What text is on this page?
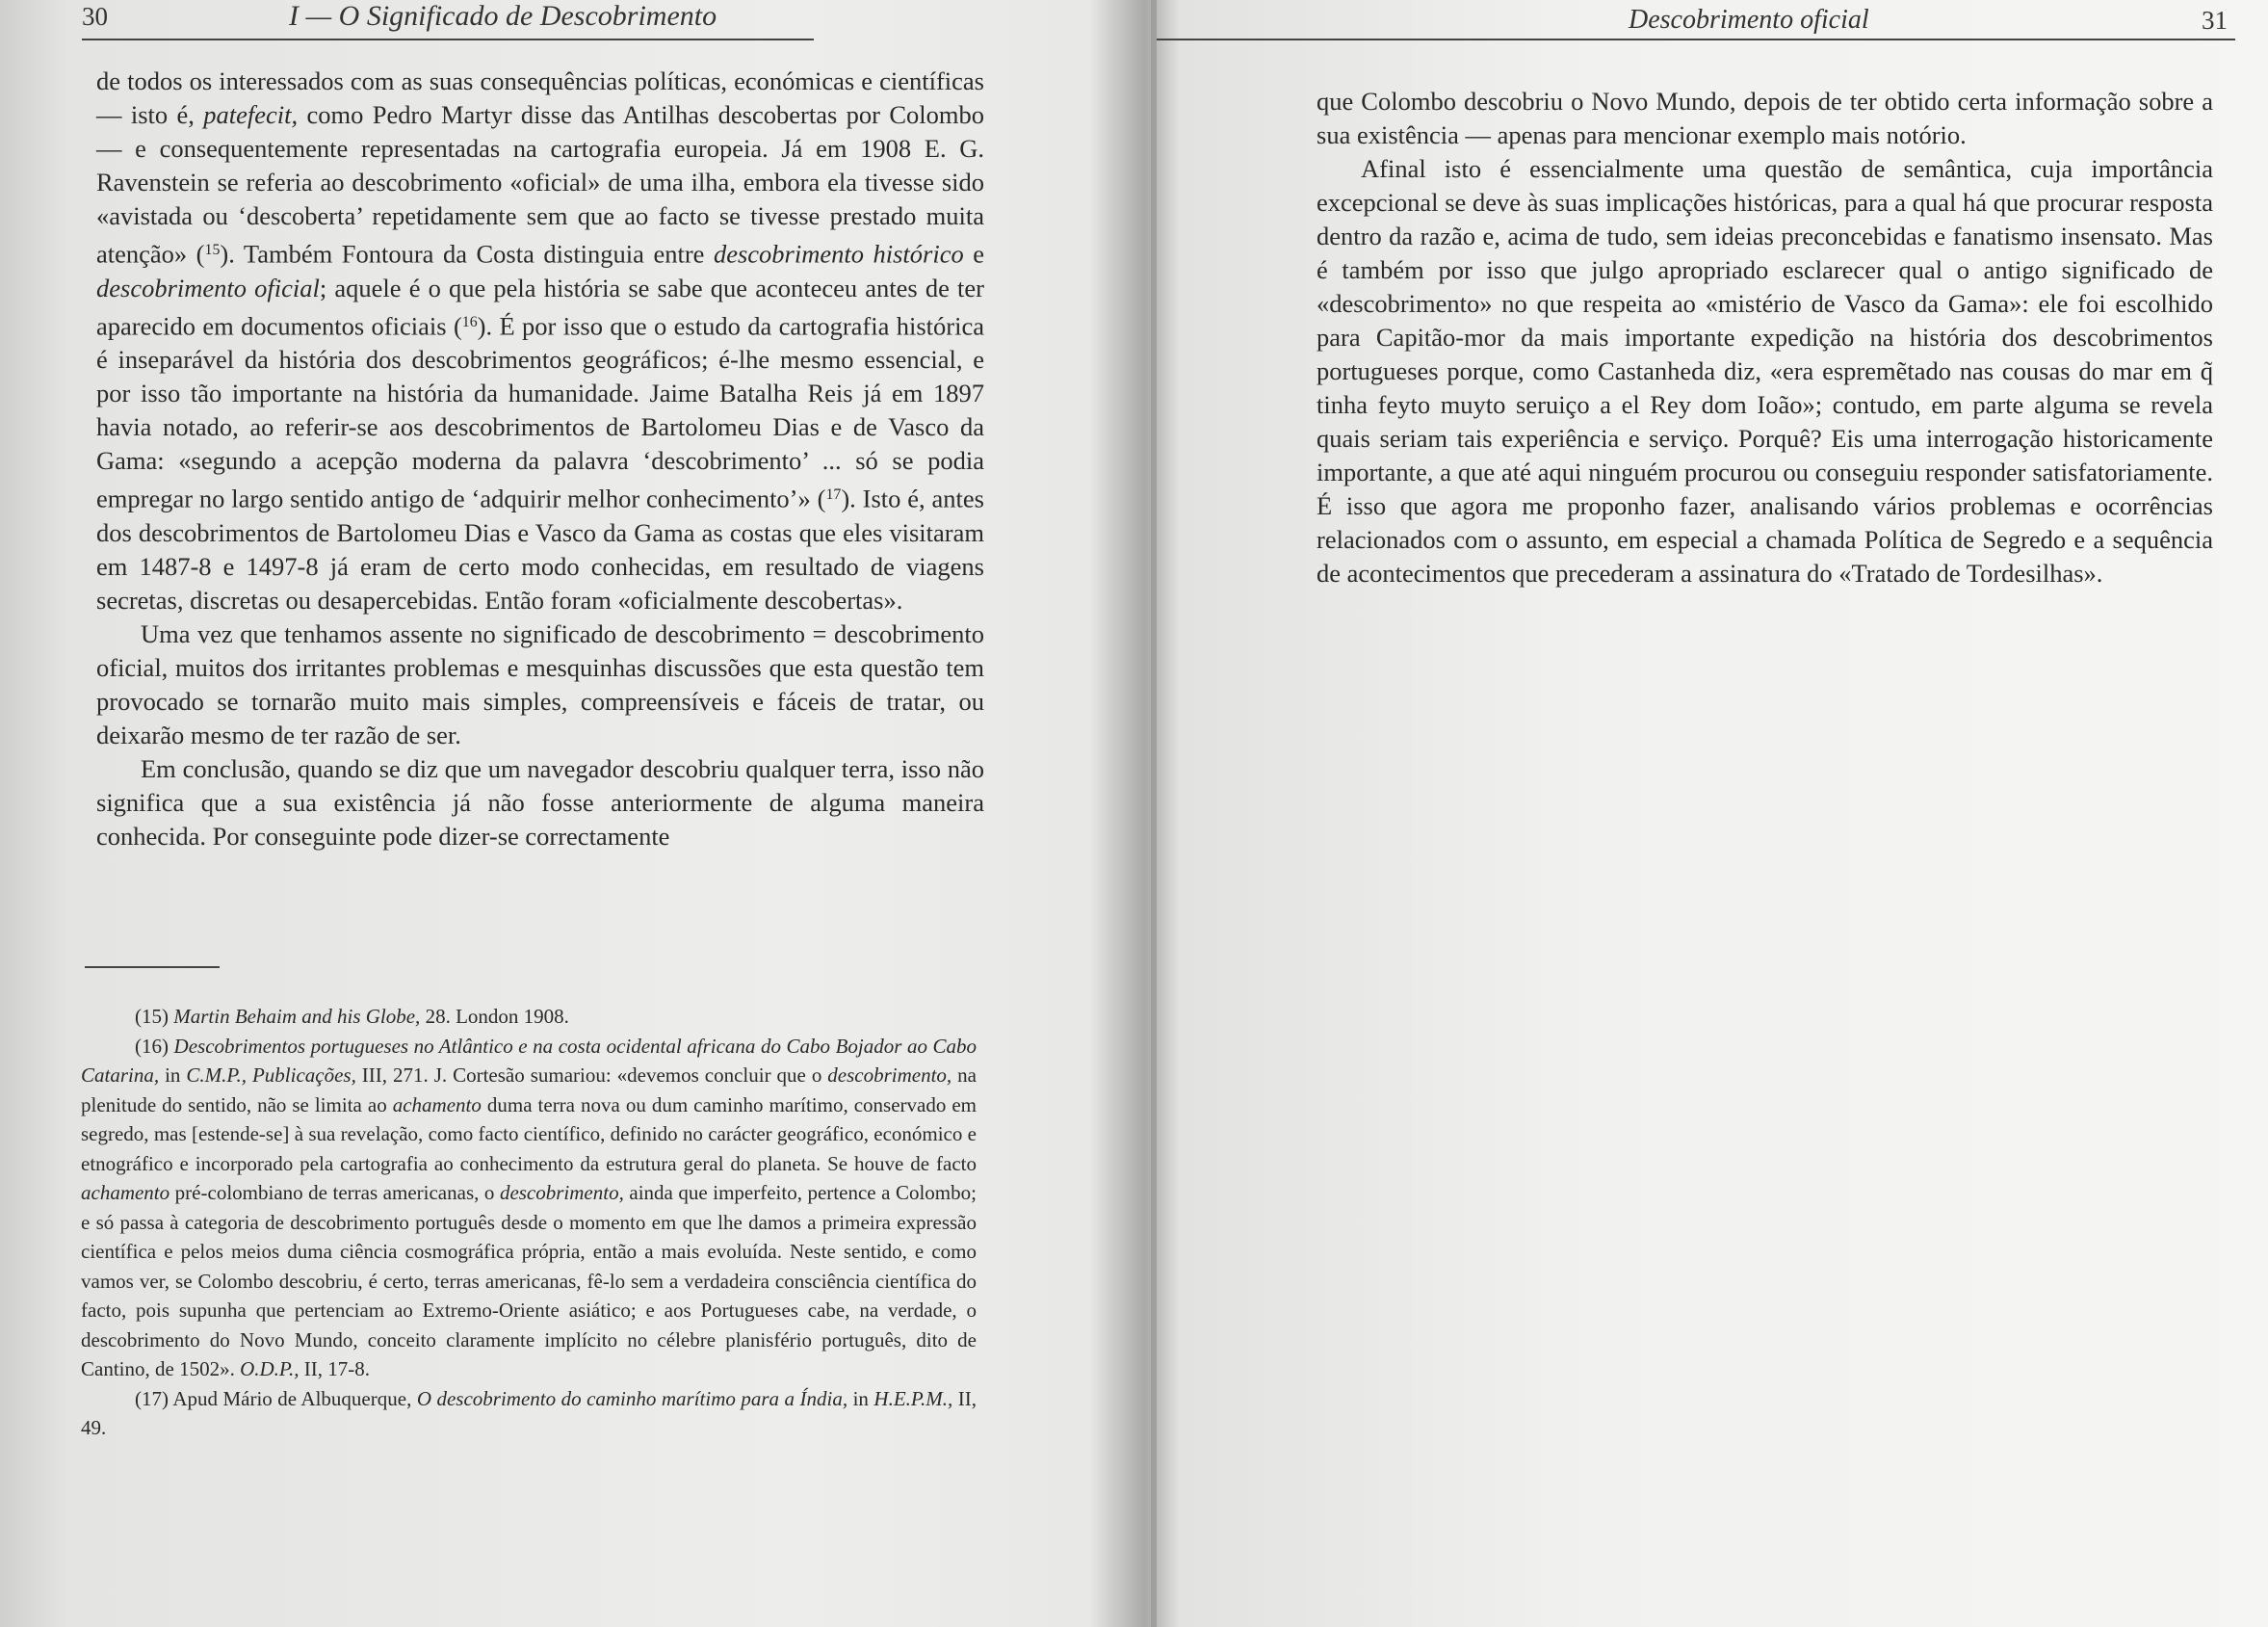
30	I — O Significado de Descobrimento

de todos os interessados com as suas consequências políticas, económicas e científicas — isto é, patefecit, como Pedro Martyr disse das Antilhas descobertas por Colombo — e consequentemente representadas na cartografia europeia. Já em 1908 E. G. Ravenstein se referia ao descobrimento «oficial» de uma ilha, embora ela tivesse sido «avistada ou ‘descoberta’ repetidamente sem que ao facto se tivesse prestado muita atenção» ($^{15}$). Também Fontoura da Costa distinguia entre descobrimento histórico e descobrimento oficial; aquele é o que pela história se sabe que aconteceu antes de ter aparecido em documentos oficiais ($^{16}$). É por isso que o estudo da cartografia histórica é inseparável da história dos descobrimentos geográficos; é-lhe mesmo essencial, e por isso tão importante na história da humanidade. Jaime Batalha Reis já em 1897 havia notado, ao referir-se aos descobrimentos de Bartolomeu Dias e de Vasco da Gama: «segundo a acepção moderna da palavra ‘descobrimento’ ... só se podia empregar no largo sentido antigo de ‘adquirir melhor conhecimento’» ($^{17}$). Isto é, antes dos descobrimentos de Bartolomeu Dias e Vasco da Gama as costas que eles visitaram em 1487-8 e 1497-8 já eram de certo modo conhecidas, em resultado de viagens secretas, discretas ou desapercebidas. Então foram «oficialmente descobertas».

Uma vez que tenhamos assente no significado de descobrimento = descobrimento oficial, muitos dos irritantes problemas e mesquinhas discussões que esta questão tem provocado se tornarão muito mais simples, compreensíveis e fáceis de tratar, ou deixarão mesmo de ter razão de ser.

Em conclusão, quando se diz que um navegador descobriu qualquer terra, isso não significa que a sua existência já não fosse anteriormente de alguma maneira conhecida. Por conseguinte pode dizer-se correctamente

(15) Martin Behaim and his Globe, 28. London 1908.

(16) Descobrimentos portugueses no Atlântico e na costa ocidental africana do Cabo Bojador ao Cabo Catarina, in C.M.P., Publicações, III, 271. J. Cortesão sumariou: «devemos concluir que o descobrimento, na plenitude do sentido, não se limita ao achamento duma terra nova ou dum caminho marítimo, conservado em segredo, mas [estende-se] à sua revelação, como facto científico, definido no carácter geográfico, económico e etnográfico e incorporado pela cartografia ao conhecimento da estrutura geral do planeta. Se houve de facto achamento pré-colombiano de terras americanas, o descobrimento, ainda que imperfeito, pertence a Colombo; e só passa à categoria de descobrimento português desde o momento em que lhe damos a primeira expressão científica e pelos meios duma ciência cosmográfica própria, então a mais evoluída. Neste sentido, e como vamos ver, se Colombo descobriu, é certo, terras americanas, fê-lo sem a verdadeira consciência científica do facto, pois supunha que pertenciam ao Extremo-Oriente asiático; e aos Portugueses cabe, na verdade, o descobrimento do Novo Mundo, conceito claramente implícito no célebre planisfério português, dito de Cantino, de 1502». O.D.P., II, 17-8.

(17) Apud Mário de Albuquerque, O descobrimento do caminho marítimo para a Índia, in H.E.P.M., II, 49.

Descobrimento oficial	31

que Colombo descobriu o Novo Mundo, depois de ter obtido certa informação sobre a sua existência — apenas para mencionar exemplo mais notório.

Afinal isto é essencialmente uma questão de semântica, cuja importância excepcional se deve às suas implicações históricas, para a qual há que procurar resposta dentro da razão e, acima de tudo, sem ideias preconcebidas e fanatismo insensato. Mas é também por isso que julgo apropriado esclarecer qual o antigo significado de «descobrimento» no que respeita ao «mistério de Vasco da Gama»: ele foi escolhido para Capitão-mor da mais importante expedição na história dos descobrimentos portugueses porque, como Castanheda diz, «era espremẽtado nas cousas do mar em q̃ tinha feyto muyto seruiço a el Rey dom Ioão»; contudo, em parte alguma se revela quais seriam tais experiência e serviço. Porquê? Eis uma interrogação historicamente importante, a que até aqui ninguém procurou ou conseguiu responder satisfatoriamente. É isso que agora me proponho fazer, analisando vários problemas e ocorrências relacionados com o assunto, em especial a chamada Política de Segredo e a sequência de acontecimentos que precederam a assinatura do «Tratado de Tordesilhas».
